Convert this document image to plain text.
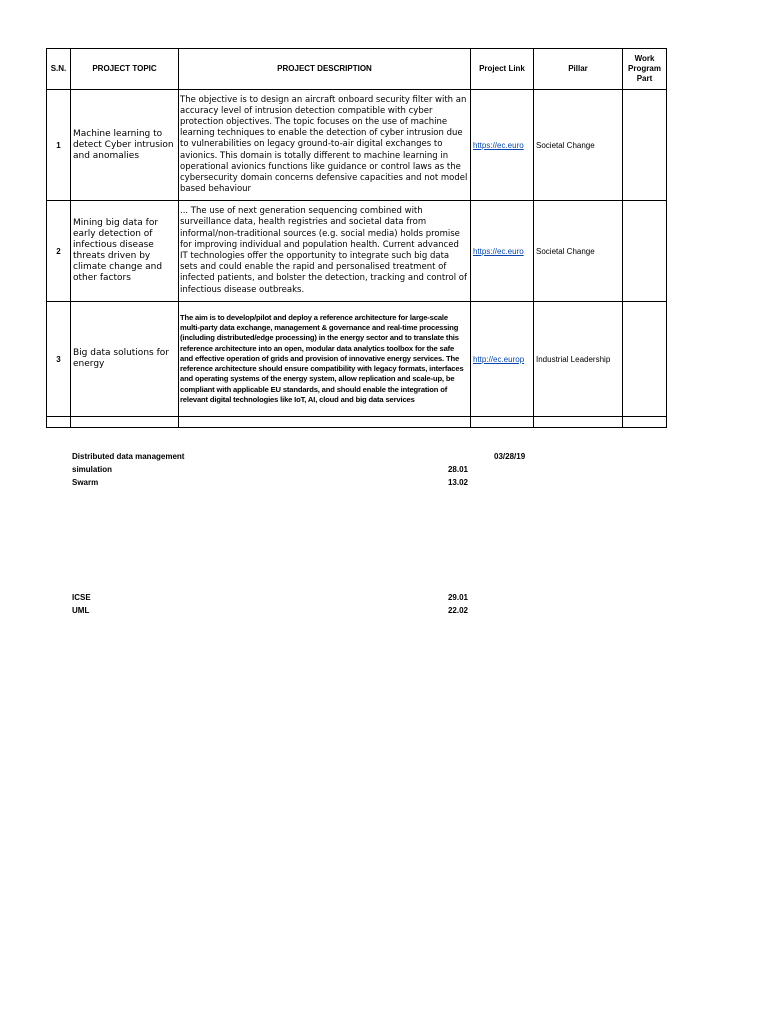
S.N.	PROJECT TOPIC	PROJECT DESCRIPTION	Project Link	Pillar	Work Program Part
1	Machine learning to detect Cyber intrusion and anomalies	The objective is to design an aircraft onboard security filter with an accuracy level of intrusion detection compatible with cyber protection objectives. The topic focuses on the use of machine learning techniques to enable the detection of cyber intrusion due to vulnerabilities on legacy ground-to-air digital exchanges to avionics. This domain is totally different to machine learning in operational avionics functions like guidance or control laws as the cybersecurity domain concerns defensive capacities and not model based behaviour	https://ec.euro	Societal Change	
2	Mining big data for early detection of infectious disease threats driven by climate change and other factors	... The use of next generation sequencing combined with surveillance data, health registries and societal data from informal/non-traditional sources (e.g. social media) holds promise for improving individual and population health. Current advanced IT technologies offer the opportunity to integrate such big data sets and could enable the rapid and personalised treatment of infected patients, and bolster the detection, tracking and control of infectious disease outbreaks.	https://ec.euro	Societal Change	
3	Big data solutions for energy	The aim is to develop/pilot and deploy a reference architecture for large-scale multi-party data exchange, management & governance and real-time processing (including distributed/edge processing) in the energy sector and to translate this reference architecture into an open, modular data analytics toolbox for the safe and effective operation of grids and provision of innovative energy services. The reference architecture should ensure compatibility with legacy formats, interfaces and operating systems of the energy system, allow replication and scale-up, be compliant with applicable EU standards, and should enable the integration of relevant digital technologies like IoT, AI, cloud and big data services	http://ec.europ	Industrial Leadership	

Distributed data management	03/28/19
simulation	28.01
Swarm	13.02
ICSE	29.01
UML	22.02
